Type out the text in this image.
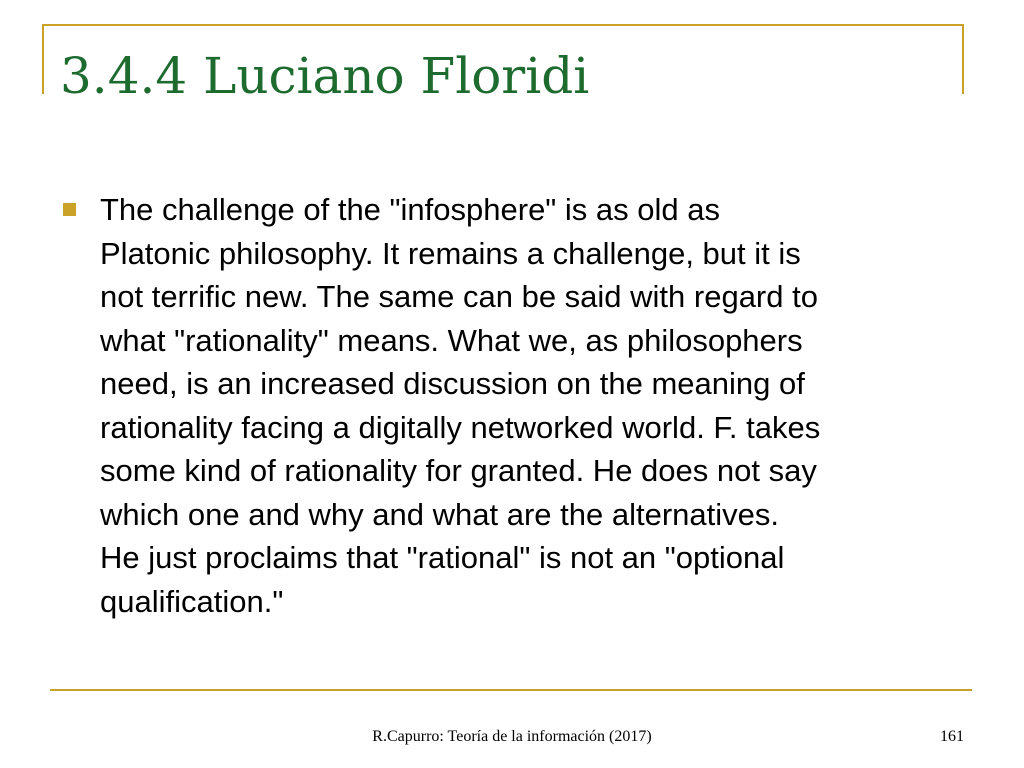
3.4.4 Luciano Floridi

The challenge of the "infosphere" is as old as
Platonic philosophy. It remains a challenge, but it is
not terrific new. The same can be said with regard to
what "rationality" means. What we, as philosophers
need, is an increased discussion on the meaning of
rationality facing a digitally networked world. F. takes
some kind of rationality for granted. He does not say
which one and why and what are the alternatives.
He just proclaims that "rational" is not an "optional
qualification."

R.Capurro: Teoría de la información (2017)	161
